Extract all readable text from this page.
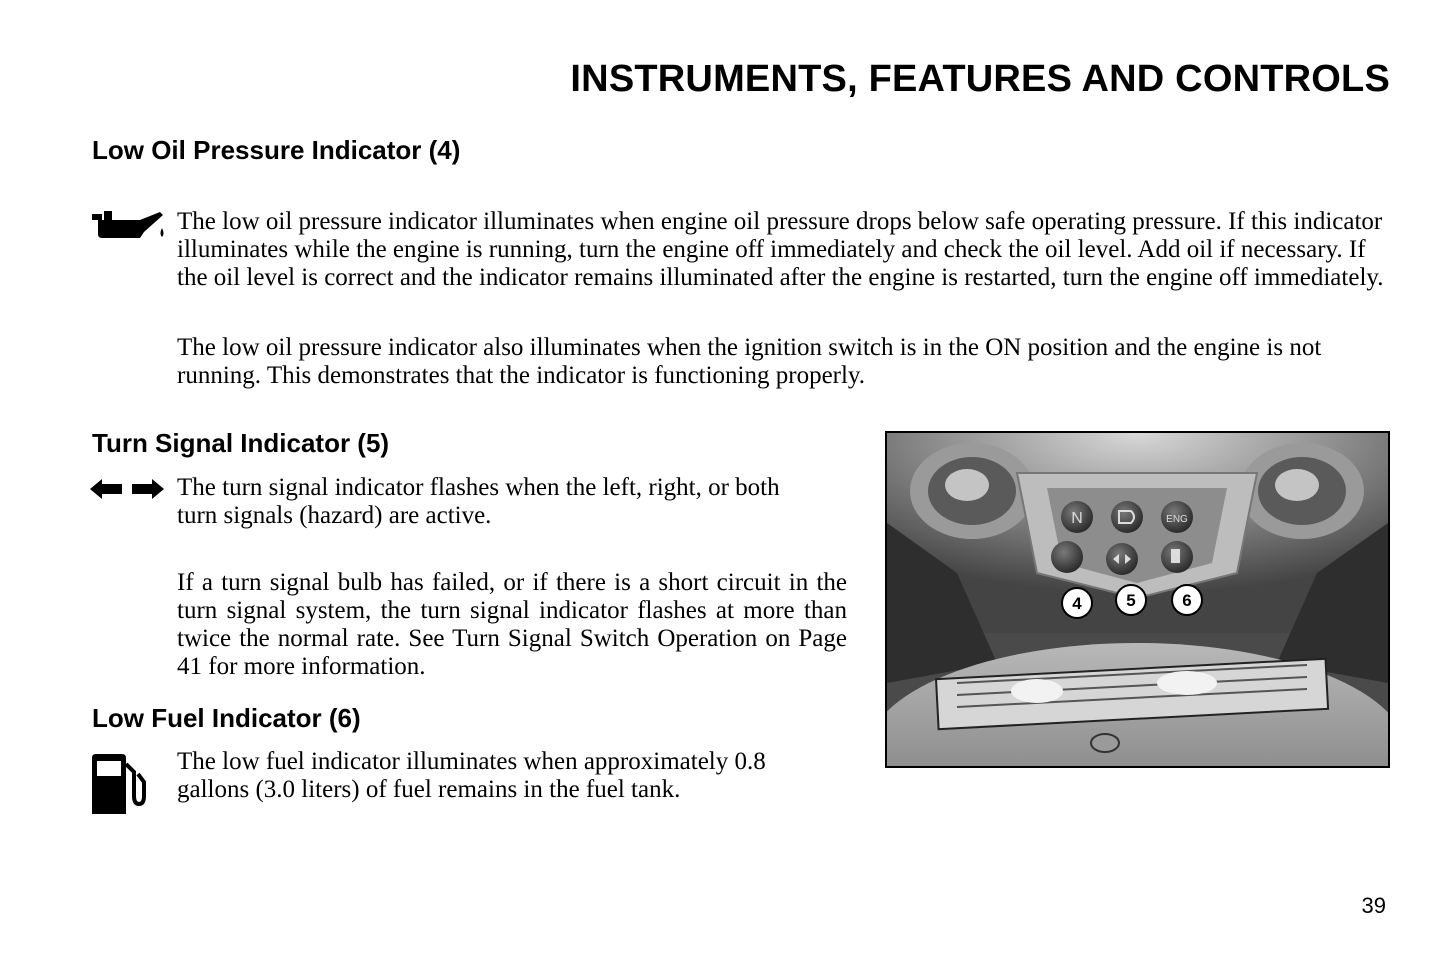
INSTRUMENTS, FEATURES AND CONTROLS
Low Oil Pressure Indicator (4)
The low oil pressure indicator illuminates when engine oil pressure drops below safe operating pressure. If this indicator illuminates while the engine is running, turn the engine off immediately and check the oil level. Add oil if necessary. If the oil level is correct and the indicator remains illuminated after the engine is restarted, turn the engine off immediately.
The low oil pressure indicator also illuminates when the ignition switch is in the ON position and the engine is not running. This demonstrates that the indicator is functioning properly.
Turn Signal Indicator (5)
The turn signal indicator flashes when the left, right, or both turn signals (hazard) are active.
If a turn signal bulb has failed, or if there is a short circuit in the turn signal system, the turn signal indicator flashes at more than twice the normal rate. See Turn Signal Switch Operation on Page 41 for more information.
Low Fuel Indicator (6)
The low fuel indicator illuminates when approximately 0.8 gallons (3.0 liters) of fuel remains in the fuel tank.
N	ENG
4	5	6
39
